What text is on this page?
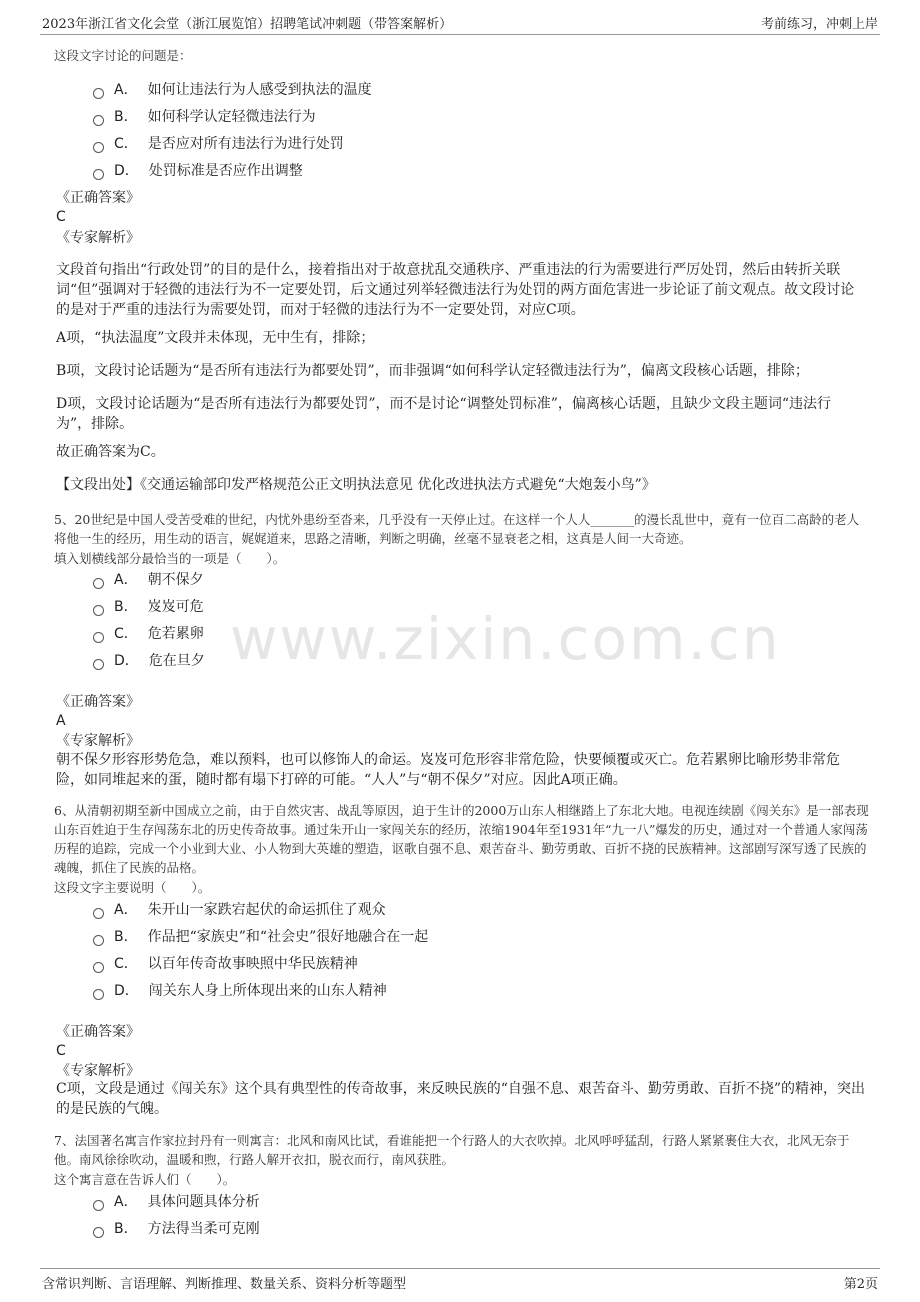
2023年浙江省文化会堂（浙江展览馆）招聘笔试冲刺题（带答案解析）	考前练习，冲刺上岸
www.zixin.com.cn
这段文字讨论的问题是：
A． 如何让违法行为人感受到执法的温度
B． 如何科学认定轻微违法行为
C． 是否应对所有违法行为进行处罚
D． 处罚标准是否应作出调整
《正确答案》
C
《专家解析》
文段首句指出“行政处罚”的目的是什么，接着指出对于故意扰乱交通秩序、严重违法的行为需要进行严厉处罚，然后由转折关联词“但”强调对于轻微的违法行为不一定要处罚，后文通过列举轻微违法行为处罚的两方面危害进一步论证了前文观点。故文段讨论的是对于严重的违法行为需要处罚，而对于轻微的违法行为不一定要处罚，对应C项。
A项，“执法温度”文段并未体现，无中生有，排除；
B项，文段讨论话题为“是否所有违法行为都要处罚”，而非强调“如何科学认定轻微违法行为”，偏离文段核心话题，排除；
D项，文段讨论话题为“是否所有违法行为都要处罚”，而不是讨论“调整处罚标准”，偏离核心话题，且缺少文段主题词“违法行为”，排除。
故正确答案为C。
【文段出处】《交通运输部印发严格规范公正文明执法意见 优化改进执法方式避免“大炮轰小鸟”》
5、20世纪是中国人受苦受难的世纪，内忧外患纷至沓来，几乎没有一天停止过。在这样一个人人_______的漫长乱世中，竟有一位百二高龄的老人将他一生的经历，用生动的语言，娓娓道来，思路之清晰，判断之明确，丝毫不显衰老之相，这真是人间一大奇迹。
填入划横线部分最恰当的一项是（　　）。
A． 朝不保夕
B． 岌岌可危
C． 危若累卵
D． 危在旦夕
《正确答案》
A
《专家解析》
朝不保夕形容形势危急，难以预料，也可以修饰人的命运。岌岌可危形容非常危险，快要倾覆或灭亡。危若累卵比喻形势非常危险，如同堆起来的蛋，随时都有塌下打碎的可能。“人人”与“朝不保夕”对应。因此A项正确。
6、从清朝初期至新中国成立之前，由于自然灾害、战乱等原因，迫于生计的2000万山东人相继踏上了东北大地。电视连续剧《闯关东》是一部表现山东百姓迫于生存闯荡东北的历史传奇故事。通过朱开山一家闯关东的经历，浓缩1904年至1931年“九一八”爆发的历史，通过对一个普通人家闯荡历程的追踪，完成一个小业到大业、小人物到大英雄的塑造，讴歌自强不息、艰苦奋斗、勤劳勇敢、百折不挠的民族精神。这部剧写深写透了民族的魂魄，抓住了民族的品格。
这段文字主要说明（　　）。
A． 朱开山一家跌宕起伏的命运抓住了观众
B． 作品把“家族史”和“社会史”很好地融合在一起
C． 以百年传奇故事映照中华民族精神
D． 闯关东人身上所体现出来的山东人精神
《正确答案》
C
《专家解析》
C项，文段是通过《闯关东》这个具有典型性的传奇故事，来反映民族的“自强不息、艰苦奋斗、勤劳勇敢、百折不挠”的精神，突出的是民族的气魄。
7、法国著名寓言作家拉封丹有一则寓言：北风和南风比试，看谁能把一个行路人的大衣吹掉。北风呼呼猛刮，行路人紧紧裹住大衣，北风无奈于他。南风徐徐吹动，温暖和煦，行路人解开衣扣，脱衣而行，南风获胜。
这个寓言意在告诉人们（　　）。
A． 具体问题具体分析
B． 方法得当柔可克刚
含常识判断、言语理解、判断推理、数量关系、资料分析等题型	第2页
